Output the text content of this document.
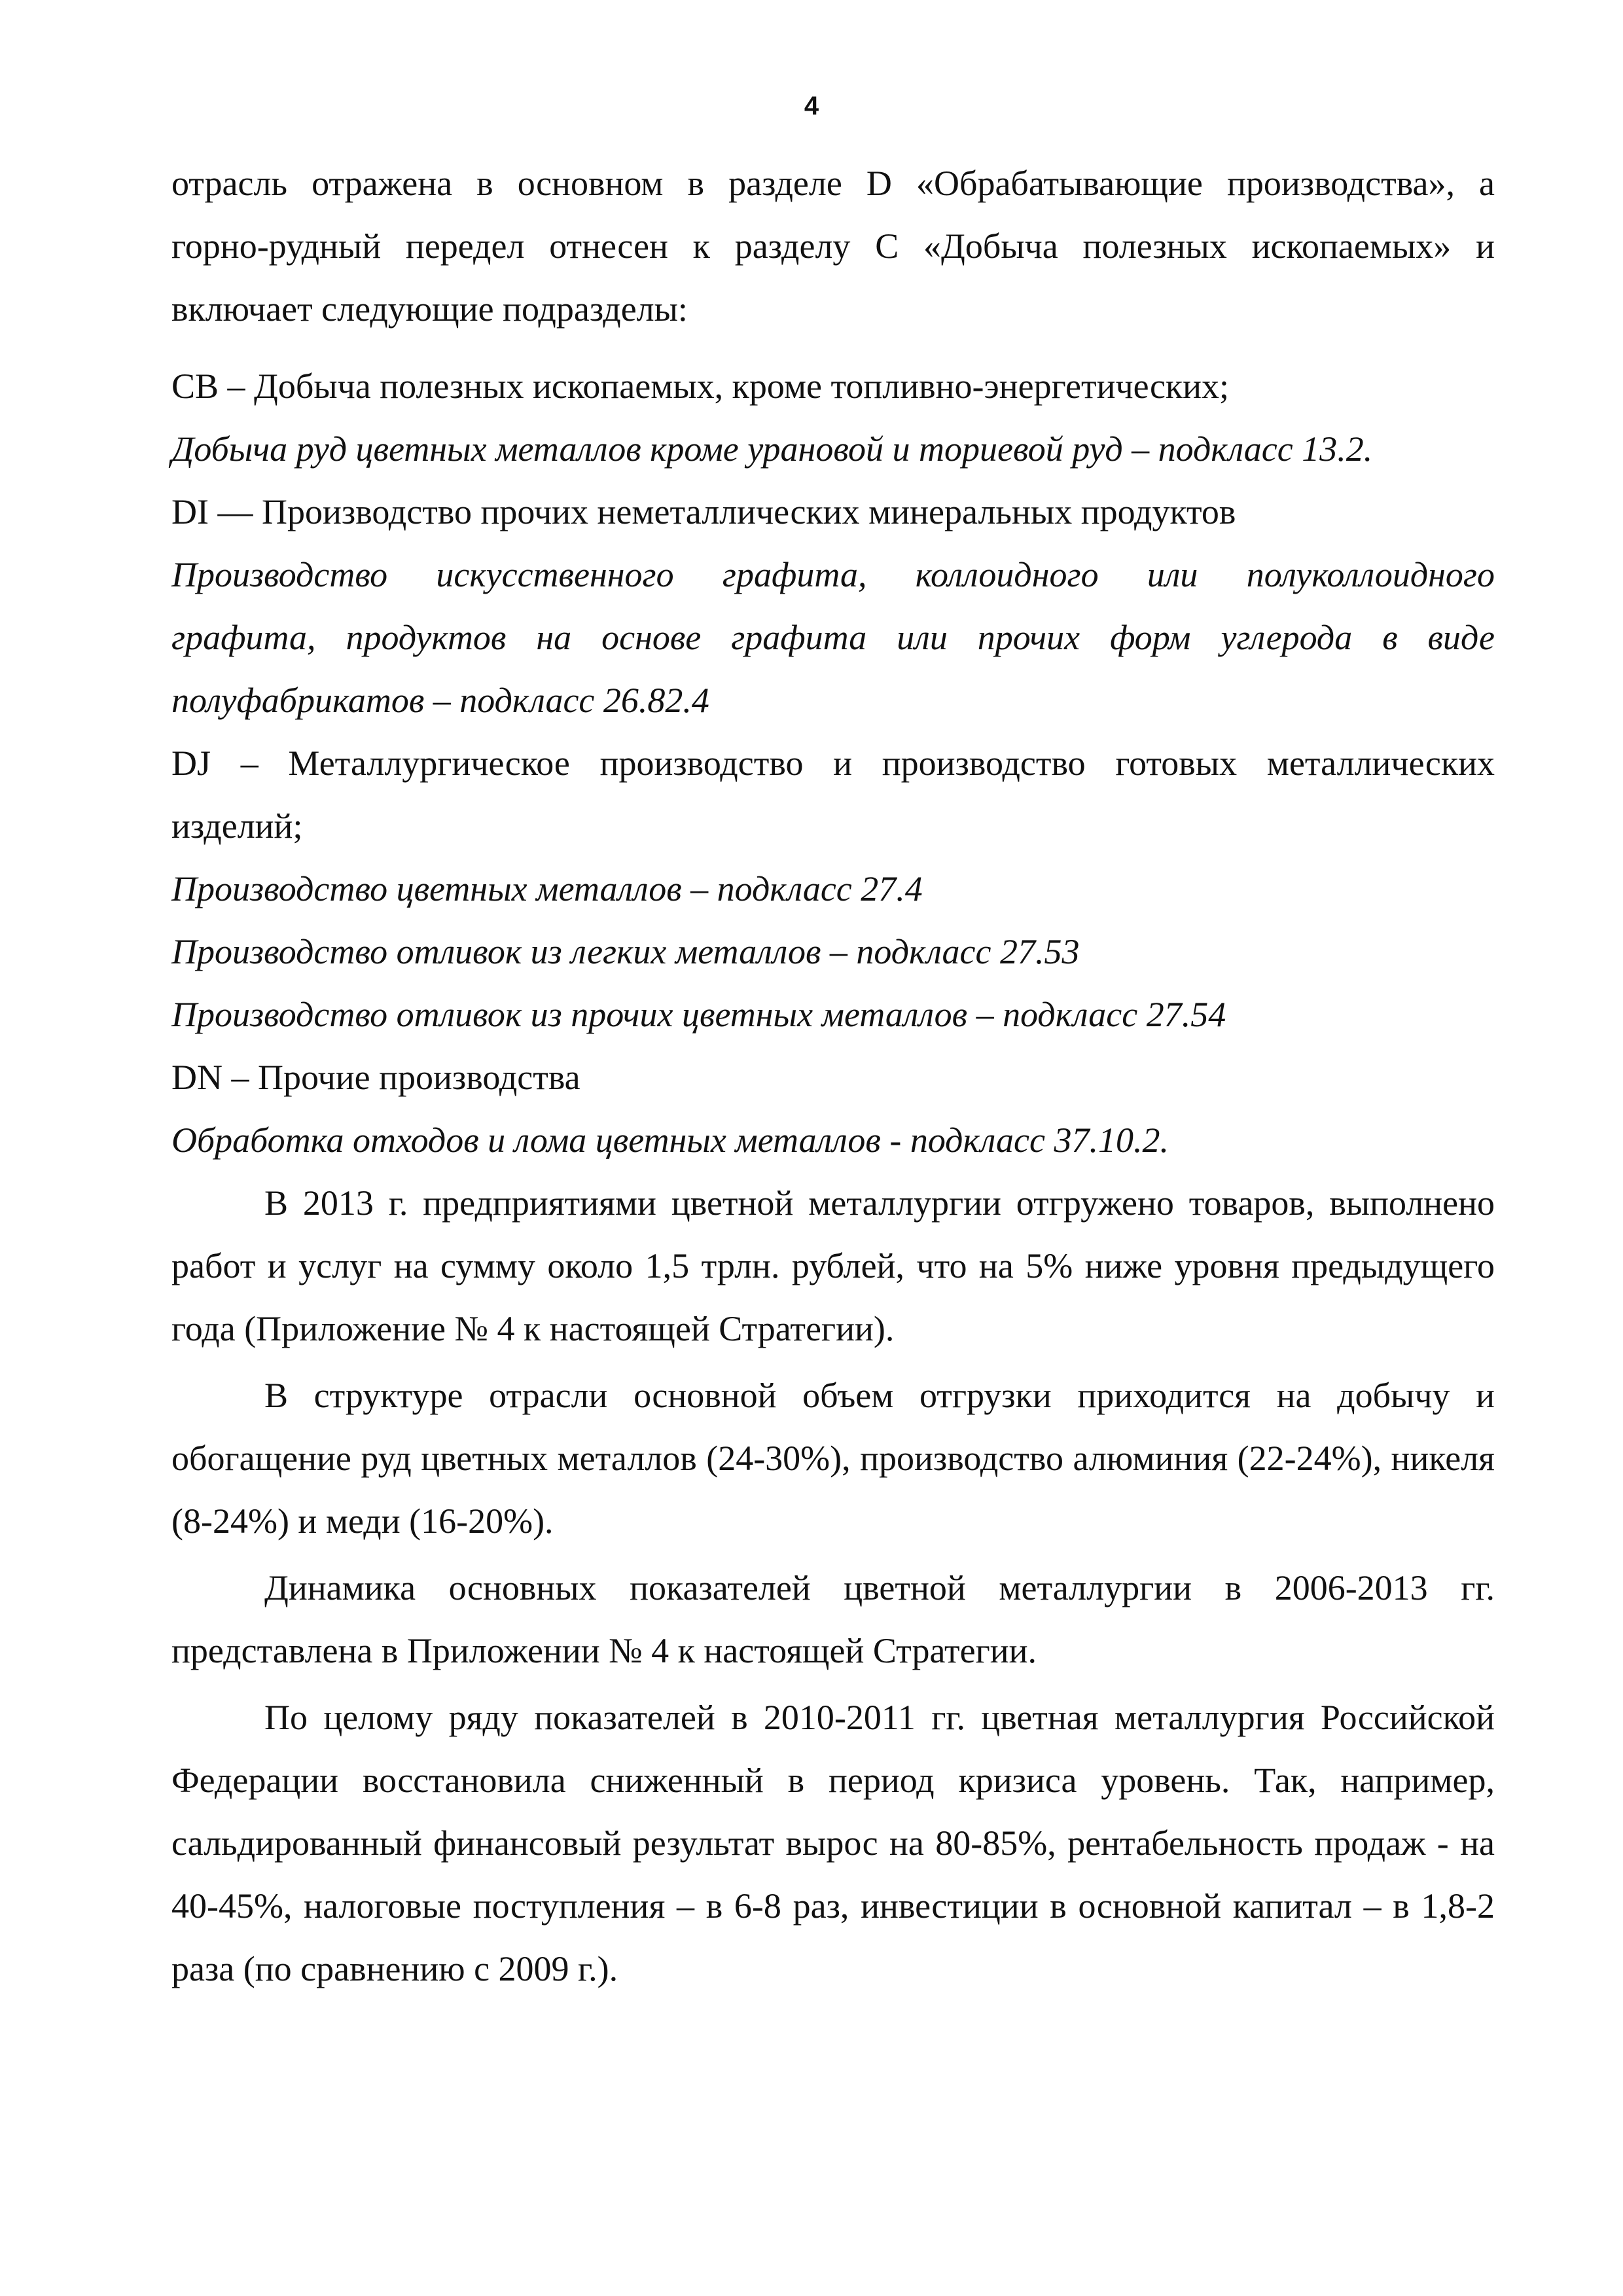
4

отрасль отражена в основном в разделе D «Обрабатывающие производства», а

горно-рудный передел отнесен к разделу С «Добыча полезных ископаемых» и

включает следующие подразделы:

CB – Добыча полезных ископаемых, кроме топливно-энергетических;

Добыча руд цветных металлов кроме урановой и ториевой руд – подкласс 13.2.

DI — Производство прочих неметаллических минеральных продуктов

Производство искусственного графита, коллоидного или полуколлоидного

графита, продуктов на основе графита или прочих форм углерода в виде

полуфабрикатов – подкласс 26.82.4

DJ – Металлургическое производство и производство готовых металлических

изделий;

Производство цветных металлов – подкласс 27.4

Производство отливок из легких металлов – подкласс 27.53

Производство отливок из прочих цветных металлов – подкласс 27.54

DN – Прочие производства

Обработка отходов и лома цветных металлов - подкласс 37.10.2.

В 2013 г. предприятиями цветной металлургии отгружено товаров, выполнено работ и услуг на сумму около 1,5 трлн. рублей, что на 5% ниже уровня предыдущего года (Приложение № 4 к настоящей Стратегии).

В структуре отрасли основной объем отгрузки приходится на добычу и обогащение руд цветных металлов (24-30%), производство алюминия (22-24%), никеля (8-24%) и меди (16-20%).

Динамика основных показателей цветной металлургии в 2006-2013 гг. представлена в Приложении № 4 к настоящей Стратегии.

По целому ряду показателей в 2010-2011 гг. цветная металлургия Российской Федерации восстановила сниженный в период кризиса уровень. Так, например, сальдированный финансовый результат вырос на 80-85%, рентабельность продаж - на 40-45%, налоговые поступления – в 6-8 раз, инвестиции в основной капитал – в 1,8-2 раза (по сравнению с 2009 г.).
